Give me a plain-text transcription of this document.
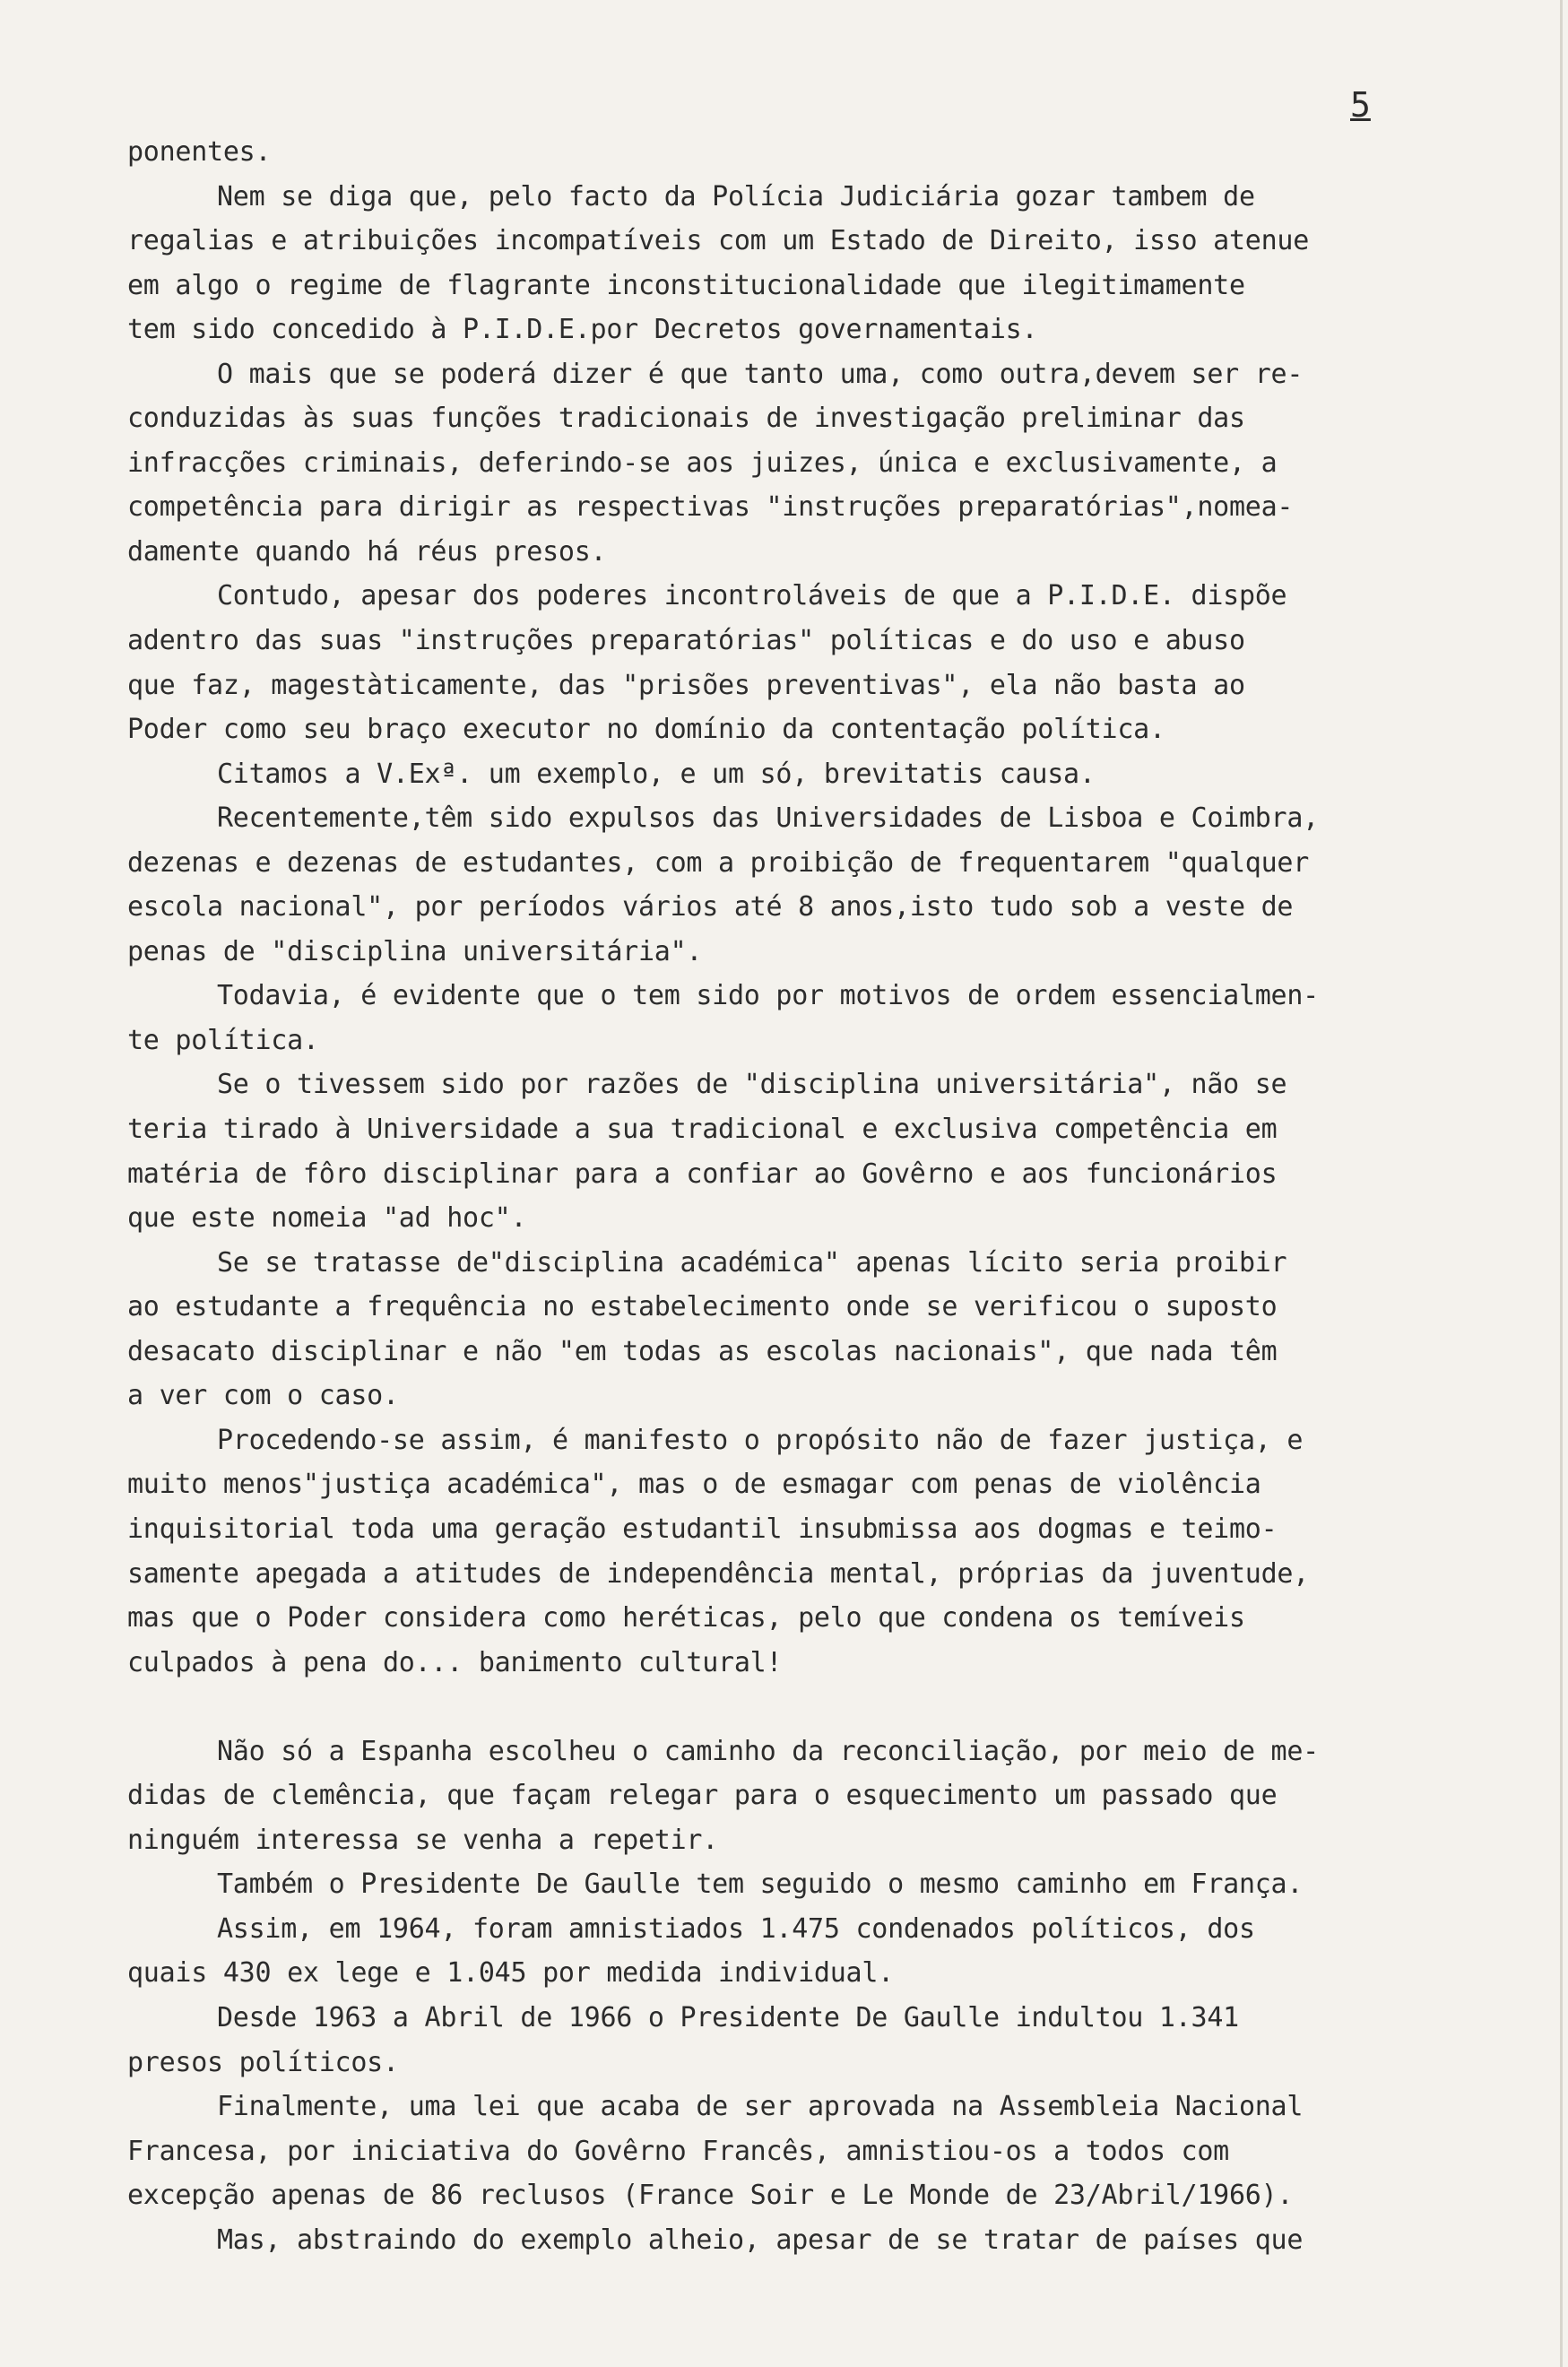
5
ponentes.
Nem se diga que, pelo facto da Polícia Judiciária gozar tambem de
regalias e atribuições incompatíveis com um Estado de Direito, isso atenue
em algo o regime de flagrante inconstitucionalidade que ilegitimamente
tem sido concedido à P.I.D.E.por Decretos governamentais.
O mais que se poderá dizer é que tanto uma, como outra,devem ser re-
conduzidas às suas funções tradicionais de investigação preliminar das
infracções criminais, deferindo-se aos juizes, única e exclusivamente, a
competência para dirigir as respectivas "instruções preparatórias",nomea-
damente quando há réus presos.
Contudo, apesar dos poderes incontroláveis de que a P.I.D.E. dispõe
adentro das suas "instruções preparatórias" políticas e do uso e abuso
que faz, magestàticamente, das "prisões preventivas", ela não basta ao
Poder como seu braço executor no domínio da contentação política.
Citamos a V.Exª. um exemplo, e um só, brevitatis causa.
Recentemente,têm sido expulsos das Universidades de Lisboa e Coimbra,
dezenas e dezenas de estudantes, com a proibição de frequentarem "qualquer
escola nacional", por períodos vários até 8 anos,isto tudo sob a veste de
penas de "disciplina universitária".
Todavia, é evidente que o tem sido por motivos de ordem essencialmen-
te política.
Se o tivessem sido por razões de "disciplina universitária", não se
teria tirado à Universidade a sua tradicional e exclusiva competência em
matéria de fôro disciplinar para a confiar ao Govêrno e aos funcionários
que este nomeia "ad hoc".
Se se tratasse de"disciplina académica" apenas lícito seria proibir
ao estudante a frequência no estabelecimento onde se verificou o suposto
desacato disciplinar e não "em todas as escolas nacionais", que nada têm
a ver com o caso.
Procedendo-se assim, é manifesto o propósito não de fazer justiça, e
muito menos"justiça académica", mas o de esmagar com penas de violência
inquisitorial toda uma geração estudantil insubmissa aos dogmas e teimo-
samente apegada a atitudes de independência mental, próprias da juventude,
mas que o Poder considera como heréticas, pelo que condena os temíveis
culpados à pena do... banimento cultural!
Não só a Espanha escolheu o caminho da reconciliação, por meio de me-
didas de clemência, que façam relegar para o esquecimento um passado que
ninguém interessa se venha a repetir.
Também o Presidente De Gaulle tem seguido o mesmo caminho em França.
Assim, em 1964, foram amnistiados 1.475 condenados políticos, dos
quais 430 ex lege e 1.045 por medida individual.
Desde 1963 a Abril de 1966 o Presidente De Gaulle indultou 1.341
presos políticos.
Finalmente, uma lei que acaba de ser aprovada na Assembleia Nacional
Francesa, por iniciativa do Govêrno Francês, amnistiou-os a todos com
excepção apenas de 86 reclusos (France Soir e Le Monde de 23/Abril/1966).
Mas, abstraindo do exemplo alheio, apesar de se tratar de países que
